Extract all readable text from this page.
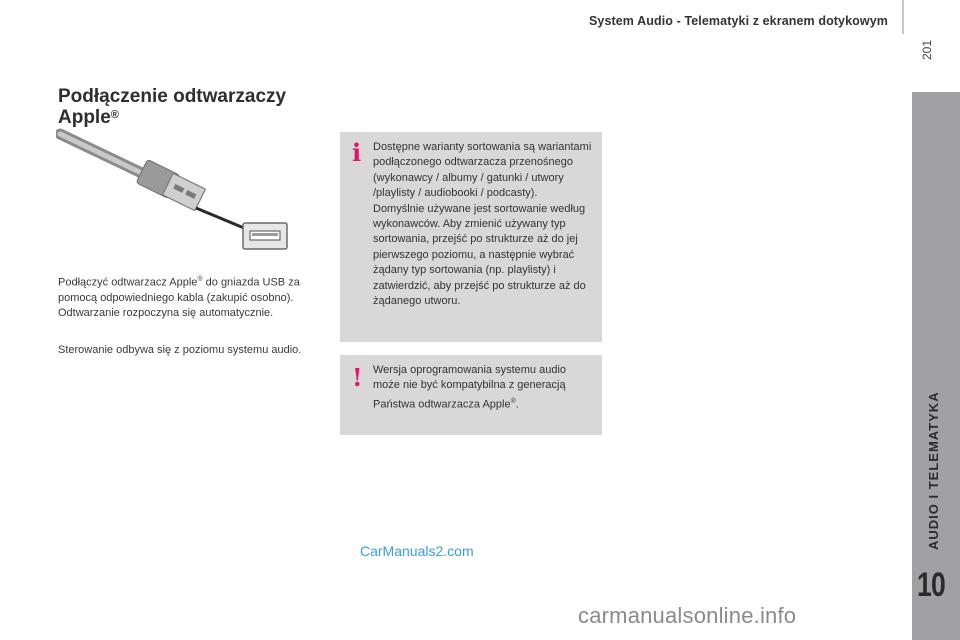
System Audio - Telematyki z ekranem dotykowym
201
AUDIO I TELEMATYKA
10
Podłączenie odtwarzaczy
Apple®
Podłączyć odtwarzacz Apple® do gniazda USB za pomocą odpowiedniego kabla (zakupić osobno).
Odtwarzanie rozpoczyna się automatycznie.
Sterowanie odbywa się z poziomu systemu audio.
i Dostępne warianty sortowania są wariantami podłączonego odtwarzacza przenośnego (wykonawcy / albumy / gatunki / utwory /playlisty / audiobooki / podcasty).
Domyślnie używane jest sortowanie według wykonawców. Aby zmienić używany typ sortowania, przejść po strukturze aż do jej pierwszego poziomu, a następnie wybrać żądany typ sortowania (np. playlisty) i zatwierdzić, aby przejść po strukturze aż do żądanego utworu.
! Wersja oprogramowania systemu audio może nie być kompatybilna z generacją Państwa odtwarzacza Apple®.
CarManuals2.com
carmanualsonline.info
